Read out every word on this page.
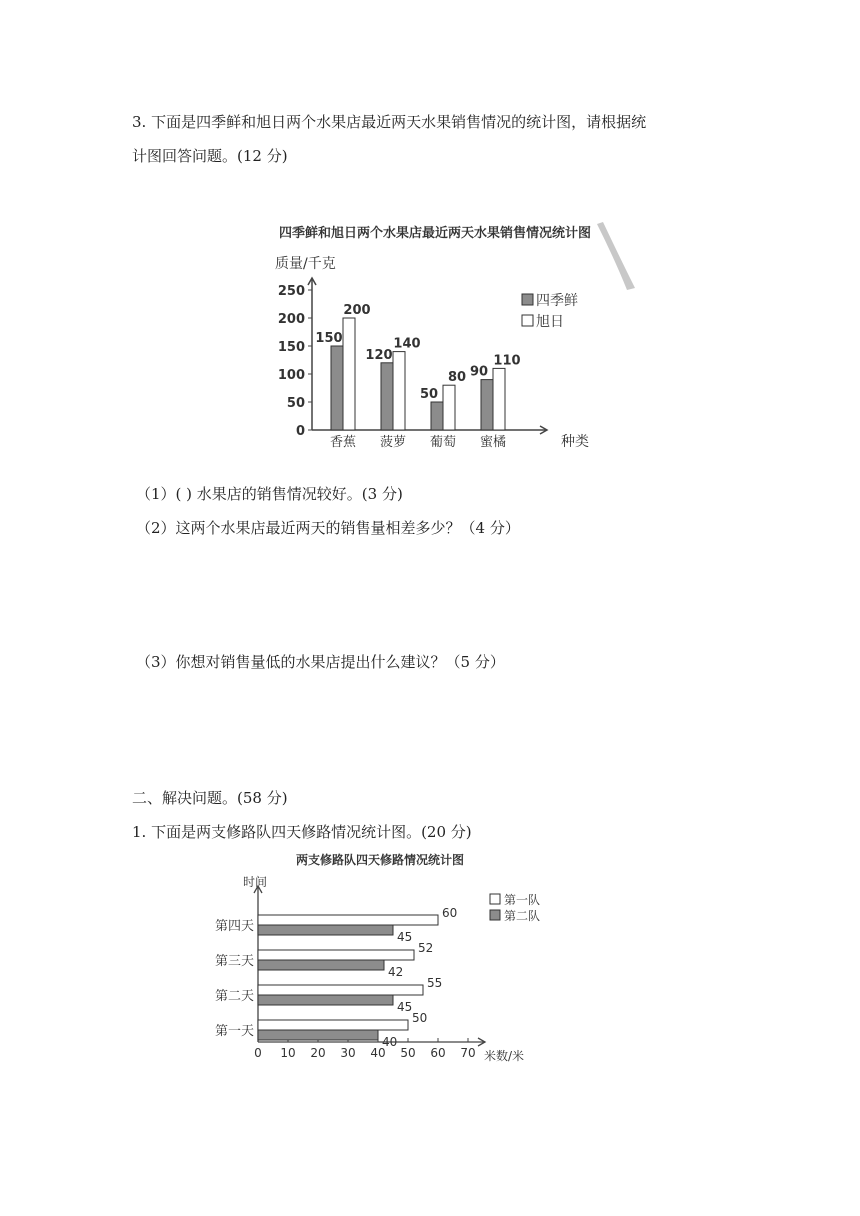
3. 下面是四季鲜和旭日两个水果店最近两天水果销售情况的统计图，请根据统
计图回答问题。(12 分)
四季鲜和旭日两个水果店最近两天水果销售情况统计图
质量/千克
种类
0
50
100
150
200
250
150
200
香蕉
120
140
菠萝
50
80
葡萄
90
110
蜜橘
四季鲜
旭日
（1）( ) 水果店的销售情况较好。(3 分)
（2）这两个水果店最近两天的销售量相差多少？（4 分）
（3）你想对销售量低的水果店提出什么建议？（5 分）
二、解决问题。(58 分)
1. 下面是两支修路队四天修路情况统计图。(20 分)
两支修路队四天修路情况统计图
时间
米数/米
0 10 20 30 40 50 60 70
50
40
第一天
55
45
第二天
52
42
第三天
60
45
第四天
第一队
第二队
